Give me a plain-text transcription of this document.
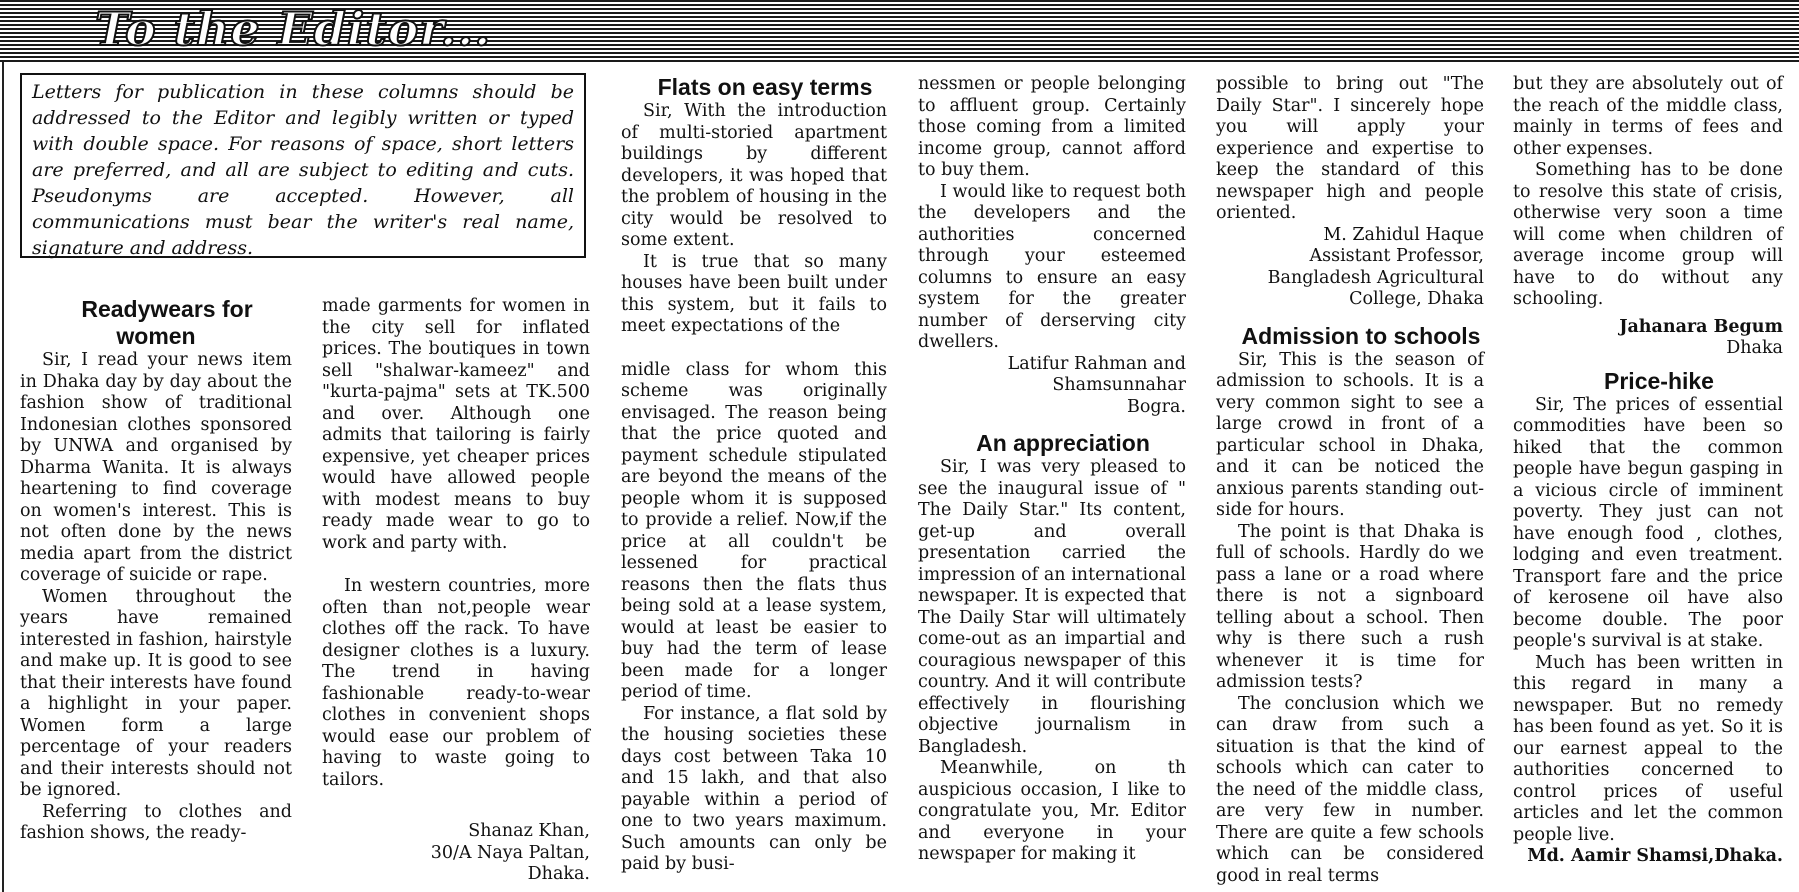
To the Editor...
Letters for publication in these columns should be addressed to the Editor and legibly written or typed with double space. For reasons of space, short letters are preferred, and all are subject to editing and cuts. Pseudonyms are accepted. However, all communications must bear the writer's real name, signature and address.

Readywears for women

Sir, I read your news item in Dhaka day by day about the fashion show of traditional Indonesian clothes sponsored by UNWA and organised by Dharma Wanita. It is always heartening to find coverage on women's interest. This is not often done by the news media apart from the district coverage of suicide or rape.

Women throughout the years have remained interested in fashion, hairstyle and make up. It is good to see that their interests have found a highlight in your paper. Women form a large percentage of your readers and their interests should not be ignored.

Referring to clothes and fashion shows, the ready-

made garments for women in the city sell for inflated prices. The boutiques in town sell "shalwar-kameez" and "kurta-pajma" sets at TK.500 and over. Although one admits that tailoring is fairly expensive, yet cheaper prices would have allowed people with modest means to buy ready made wear to go to work and party with.

In western countries, more often than not,people wear clothes off the rack. To have designer clothes is a luxury. The trend in having fashionable ready-to-wear clothes in convenient shops would ease our problem of having to waste going to tailors.

Shanaz Khan,

30/A Naya Paltan,

Dhaka.

Flats on easy terms

Sir, With the introduction of multi-storied apartment buildings by different developers, it was hoped that the problem of housing in the city would be resolved to some extent.

It is true that so many houses have been built under this system, but it fails to meet expectations of the

midle class for whom this scheme was originally envisaged. The reason being that the price quoted and payment schedule stipulated are beyond the means of the people whom it is supposed to provide a relief. Now,if the price at all couldn't be lessened for practical reasons then the flats thus being sold at a lease system, would at least be easier to buy had the term of lease been made for a longer period of time.

For instance, a flat sold by the housing societies these days cost between Taka 10 and 15 lakh, and that also payable within a period of one to two years maximum. Such amounts can only be paid by busi-

nessmen or people belonging to affluent group. Certainly those coming from a limited income group, cannot afford to buy them.

I would like to request both the developers and the authorities concerned through your esteemed columns to ensure an easy system for the greater number of derserving city dwellers.

Latifur Rahman and

Shamsunnahar

Bogra.

An appreciation

Sir, I was very pleased to see the inaugural issue of " The Daily Star." Its content, get-up and overall presentation carried the impression of an international newspaper. It is expected that The Daily Star will ultimately come-out as an impartial and couragious newspaper of this country. And it will contribute effectively in flourishing objective journalism in Bangladesh.

Meanwhile, on th auspicious occasion, I like to congratulate you, Mr. Editor and everyone in your newspaper for making it

possible to bring out "The Daily Star". I sincerely hope you will apply your experience and expertise to keep the standard of this newspaper high and people oriented.

M. Zahidul Haque

Assistant Professor,

Bangladesh Agricultural

College, Dhaka

Admission to schools

Sir, This is the season of admission to schools. It is a very common sight to see a large crowd in front of a particular school in Dhaka, and it can be noticed the anxious parents standing out- side for hours.

The point is that Dhaka is full of schools. Hardly do we pass a lane or a road where there is not a signboard telling about a school. Then why is there such a rush whenever it is time for admission tests?

The conclusion which we can draw from such a situation is that the kind of schools which can cater to the need of the middle class, are very few in number. There are quite a few schools which can be considered good in real terms

but they are absolutely out of the reach of the middle class, mainly in terms of fees and other expenses.

Something has to be done to resolve this state of crisis, otherwise very soon a time will come when children of average income group will have to do without any schooling.

Jahanara Begum

Dhaka

Price-hike

Sir, The prices of essential commodities have been so hiked that the common people have begun gasping in a vicious circle of imminent poverty. They just can not have enough food , clothes, lodging and even treatment. Transport fare and the price of kerosene oil have also become double. The poor people's survival is at stake.

Much has been written in this regard in many a newspaper. But no remedy has been found as yet. So it is our earnest appeal to the authorities concerned to control prices of useful articles and let the common people live.

Md. Aamir Shamsi,Dhaka.
